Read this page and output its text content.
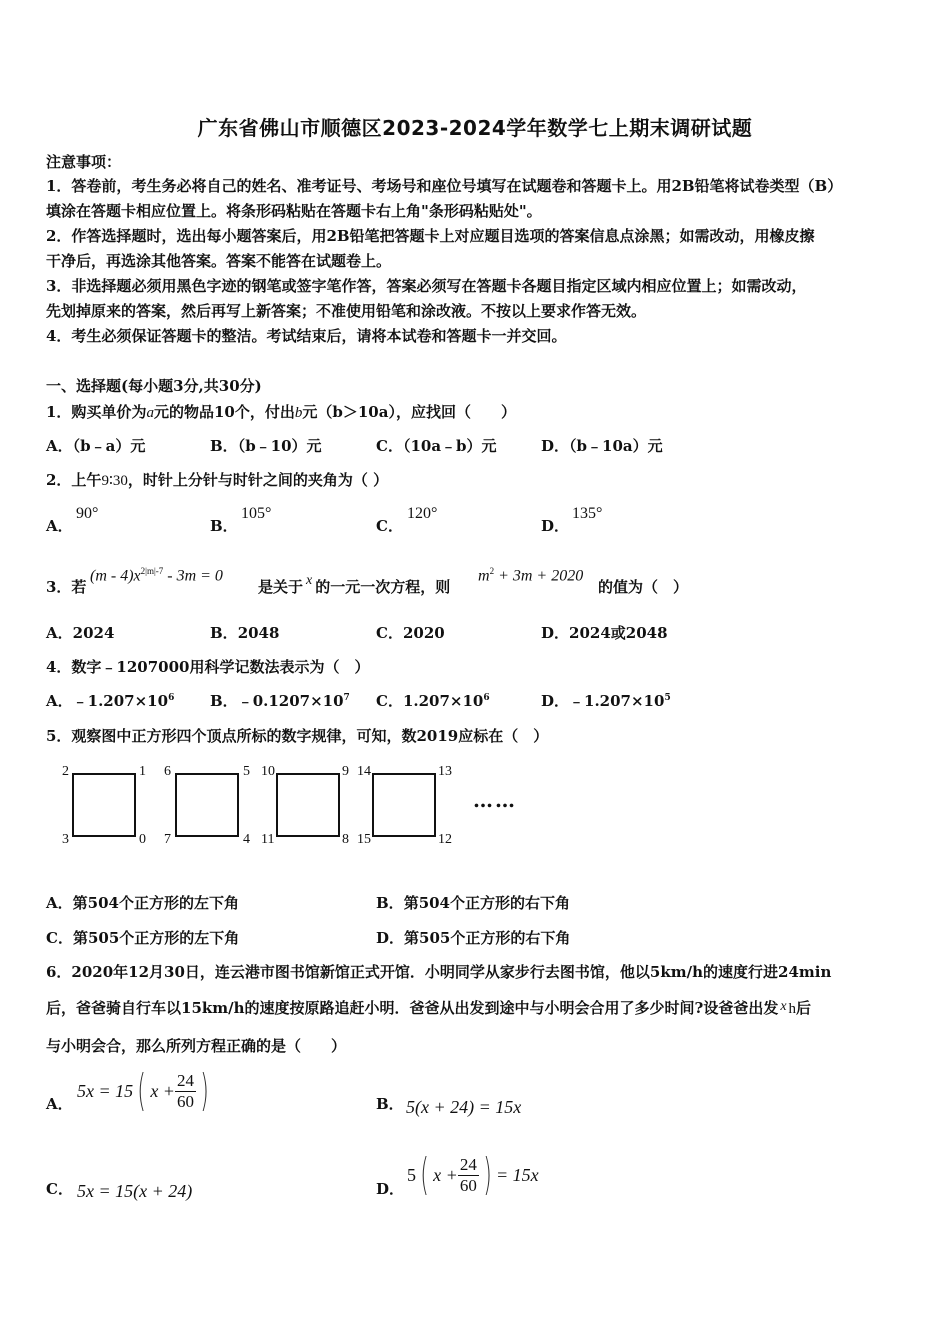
广东省佛山市顺德区2023-2024学年数学七上期末调研试题
注意事项：
1．答卷前，考生务必将自己的姓名、准考证号、考场号和座位号填写在试题卷和答题卡上。用2B铅笔将试卷类型（B）
填涂在答题卡相应位置上。将条形码粘贴在答题卡右上角"条形码粘贴处"。
2．作答选择题时，选出每小题答案后，用2B铅笔把答题卡上对应题目选项的答案信息点涂黑；如需改动，用橡皮擦
干净后，再选涂其他答案。答案不能答在试题卷上。
3．非选择题必须用黑色字迹的钢笔或签字笔作答，答案必须写在答题卡各题目指定区域内相应位置上；如需改动，
先划掉原来的答案，然后再写上新答案；不准使用铅笔和涂改液。不按以上要求作答无效。
4．考生必须保证答题卡的整洁。考试结束后，请将本试卷和答题卡一并交回。
一、选择题(每小题3分,共30分)
1．购买单价为a元的物品10个，付出b元（b＞10a），应找回（　　）
A．（b﹣a）元	B．（b﹣10）元	C．（10a﹣b）元	D．（b﹣10a）元
2．上午9∶30，时针上分针与时针之间的夹角为（ ）
A．
90°
B．
105°
C．
120°
D．
135°
3．若
$(m - 4)x^{2|m|-7} - 3m = 0$
是关于 x 的一元一次方程，则
$m^2 + 3m + 2020$
的值为（　）
A．2024	B．2048	C．2020	D．2024或2048
4．数字﹣1207000用科学记数法表示为（　）
A．$﹣1.207\times 10^6$ B．$﹣0.1207\times 10^7$ C．$1.207\times 10^6$	D．$﹣1.207\times 10^5$
5．观察图中正方形四个顶点所标的数字规律，可知，数2019应标在（　）
2	1
3	0
6	5
7	4
10	9
11	8
14	13
15	12
……
A．第504个正方形的左下角	B．第504个正方形的右下角
C．第505个正方形的左下角	D．第505个正方形的右下角
6．2020年12月30日，连云港市图书馆新馆正式开馆．小明同学从家步行去图书馆，他以5km/h的速度行进24min
后，爸爸骑自行车以15km/h的速度按原路追赶小明．爸爸从出发到途中与小明会合用了多少时间?设爸爸出发 x h后
与小明会合，那么所列方程正确的是（　　）
A．
5x = 15( $x + \frac{24}{60}$ )	B． 5(x + 24) = 15x
C． 5x = 15(x + 24)	D．
5( $x + \frac{24}{60}$ )= 15x
